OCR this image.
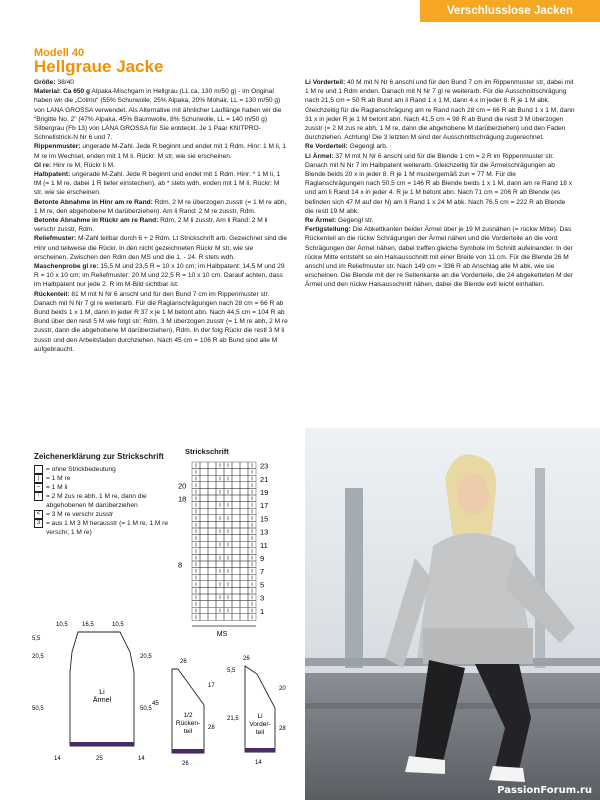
Verschlusslose Jacken
Modell 40
Hellgraue Jacke

Größe: 38/40

Material: Ca 650 g Alpaka-Mischgarn in Hellgrau (LL ca. 130 m/50 g) - im Original haben wir die „Colmo“ (55% Schurwolle, 25% Alpaka, 20% Mohair, LL = 130 m/50 g) von LANA GROSSA verwendet. Als Alternative mit ähnlicher Lauflänge haben wir die “Brigitte No. 2” (47% Alpaka, 45% Baumwolle, 8% Schurwolle, LL = 140 m/50 g) Silbergrau (Fb 13) von LANA GROSSA für Sie entdeckt. Je 1 Paar KNITPRO-Schnellstrick-N Nr 6 und 7.

Rippenmuster: ungerade M-Zahl. Jede R beginnt und endet mit 1 Rdm. Hinr: 1 M li, 1 M re im Wechsel, enden mit 1 M li. Rückr: M str, wie sie erscheinen.

Gl re: Hinr re M, Rückr li M.

Halbpatent: ungerade M-Zahl. Jede R beginnt und endet mit 1 Rdm. Hinr: * 1 M li, 1 tM (= 1 M re, dabei 1 R tiefer einstechen), ab * stets wdh, enden mit 1 M li. Rückr: M str, wie sie erscheinen.

Betonte Abnahme in Hinr am re Rand: Rdm, 2 M re überzogen zusstr (= 1 M re abh, 1 M re, den abgehobene M darüberziehen). Am li Rand: 2 M re zusstr, Rdm.

Betonte Abnahme in Rückr am re Rand: Rdm, 2 M li zusstr. Am li Rand: 2 M li verschr zusstr, Rdm.

Reliefmuster: M-Zahl teilbar durch 6 + 2 Rdm. Lt Strickschrift arb. Gezeichnet sind die Hinr und teilweise die Rückr. In den nicht gezeichneten Rückr M str, wie sie erscheinen. Zwischen den Rdm den MS und die 1. - 24. R stets wdh.

Maschenprobe gl re: 15,5 M und 23,5 R = 10 x 10 cm; im Halbpatent: 14,5 M und 29 R = 10 x 10 cm; im Reliefmuster: 20 M und 22,5 R = 10 x 10 cm. Darauf achten, dass im Halbpatent nur jede 2. R im M-Bild sichtbar ist.

Rückenteil: 81 M mit N Nr 6 anschl und für den Bund 7 cm im Rippenmuster str. Danach mit N Nr 7 gl re weiterarb. Für die Raglanschrägungen nach 28 cm = 66 R ab Bund beids 1 x 1 M, dann in jeder R 37 x je 1 M betont abn. Nach 44,5 cm = 104 R ab Bund über den restl 5 M wie folgt str: Rdm, 3 M überzogen zusstr (= 1 M re abh, 2 M re zusstr, dann die abgehobene M darüberziehen), Rdm. In der folg Rückr die restl 3 M li zusstr und den Arbeitsfaden durchziehen. Nach 45 cm = 106 R ab Bund sind alle M aufgebraucht.

Li Vorderteil: 40 M mit N Nr 6 anschl und für den Bund 7 cm im Rippenmuster str, dabei mit 1 M re und 1 Rdm enden. Danach mit N Nr 7 gl re weiterarb. Für die Ausschnittschrägung nach 21,5 cm = 50 R ab Bund am li Rand 1 x 1 M, dann 4 x in jeder 8. R je 1 M abk. Gleichzeitig für die Raglanschrägung am re Rand nach 28 cm = 66 R ab Bund 1 x 1 M, dann 31 x in jeder R je 1 M betont abn. Nach 41,5 cm = 98 R ab Bund die restl 3 M überzogen zusstr (= 2 M zus re abh, 1 M re, dann die abgehobene M darüberziehen) und den Faden durchziehen. Achtung! Die 3 letzten M sind der Ausschnittschrägung zugerechnet.

Re Vorderteil: Gegengl arb.

Li Ärmel: 37 M mit N Nr 6 anschl und für die Blende 1 cm = 2 R im Rippenmuster str. Danach mit N Nr 7 im Halbpatent weiterarb. Gleichzeitig für die Ärmelschrägungen ab Blende beids 20 x in jeder 8. R je 1 M mustergemäß zun = 77 M. Für die Raglanschrägungen nach 50,5 cm = 146 R ab Blende beids 1 x 1 M, dann am re Rand 18 x und am li Rand 14 x in jeder 4. R je 1 M betont abn. Nach 71 cm = 206 R ab Blende (es befinden sich 47 M auf der N) am li Rand 1 x 24 M abk. Nach 76,5 cm = 222 R ab Blende die restl 19 M abk.

Re Ärmel: Gegengl str.

Fertigstellung: Die Abkettkanten beider Ärmel über je 19 M zusnähen (= rückw Mitte). Das Rückenteil an die rückw Schrägungen der Ärmel nähen und die Vorderteile an die vord Schrägungen der Ärmel nähen, dabei treffen gleiche Symbole im Schnitt aufeinander. In der rückw Mitte entsteht so ein Halsausschnitt mit einer Breite von 11 cm. Für die Blende 26 M anschl und im Reliefmuster str. Nach 149 cm = 336 R ab Anschlag alle M abk, wie sie erscheinen. Die Blende mit der re Seitenkante an die Vorderteile, die 24 abgeketteten M der Ärmel und den rückw Halsausschnitt nähen, dabei die Blende evtl leicht einhalten.

Zeichenerklärung zur Strickschrift
= ohne Strickbedeutung
|	= 1 M re
– = 1 M li
↑ = 2 M zus re abh, 1 M re, dann die abgehobenen M darüberziehen
< = 3 M re verschr zusstr
3 = aus 1 M 3 M herausstr (= 1 M re, 1 M re verschr, 1 M re)
Strickschrift
23
21
19
17
15
13
11
9
7
5
3
1
20
18
8
MS
Li
Ärmel
10,5 16,5	10,5
5,5
20,5
50,5
20,5
50,5
14	25	14
1/2
Rücken-
teil
26
45
17
28
26
Li
Vorder-
teil
26
5,5
21,5
20
28
14
PassionForum.ru
